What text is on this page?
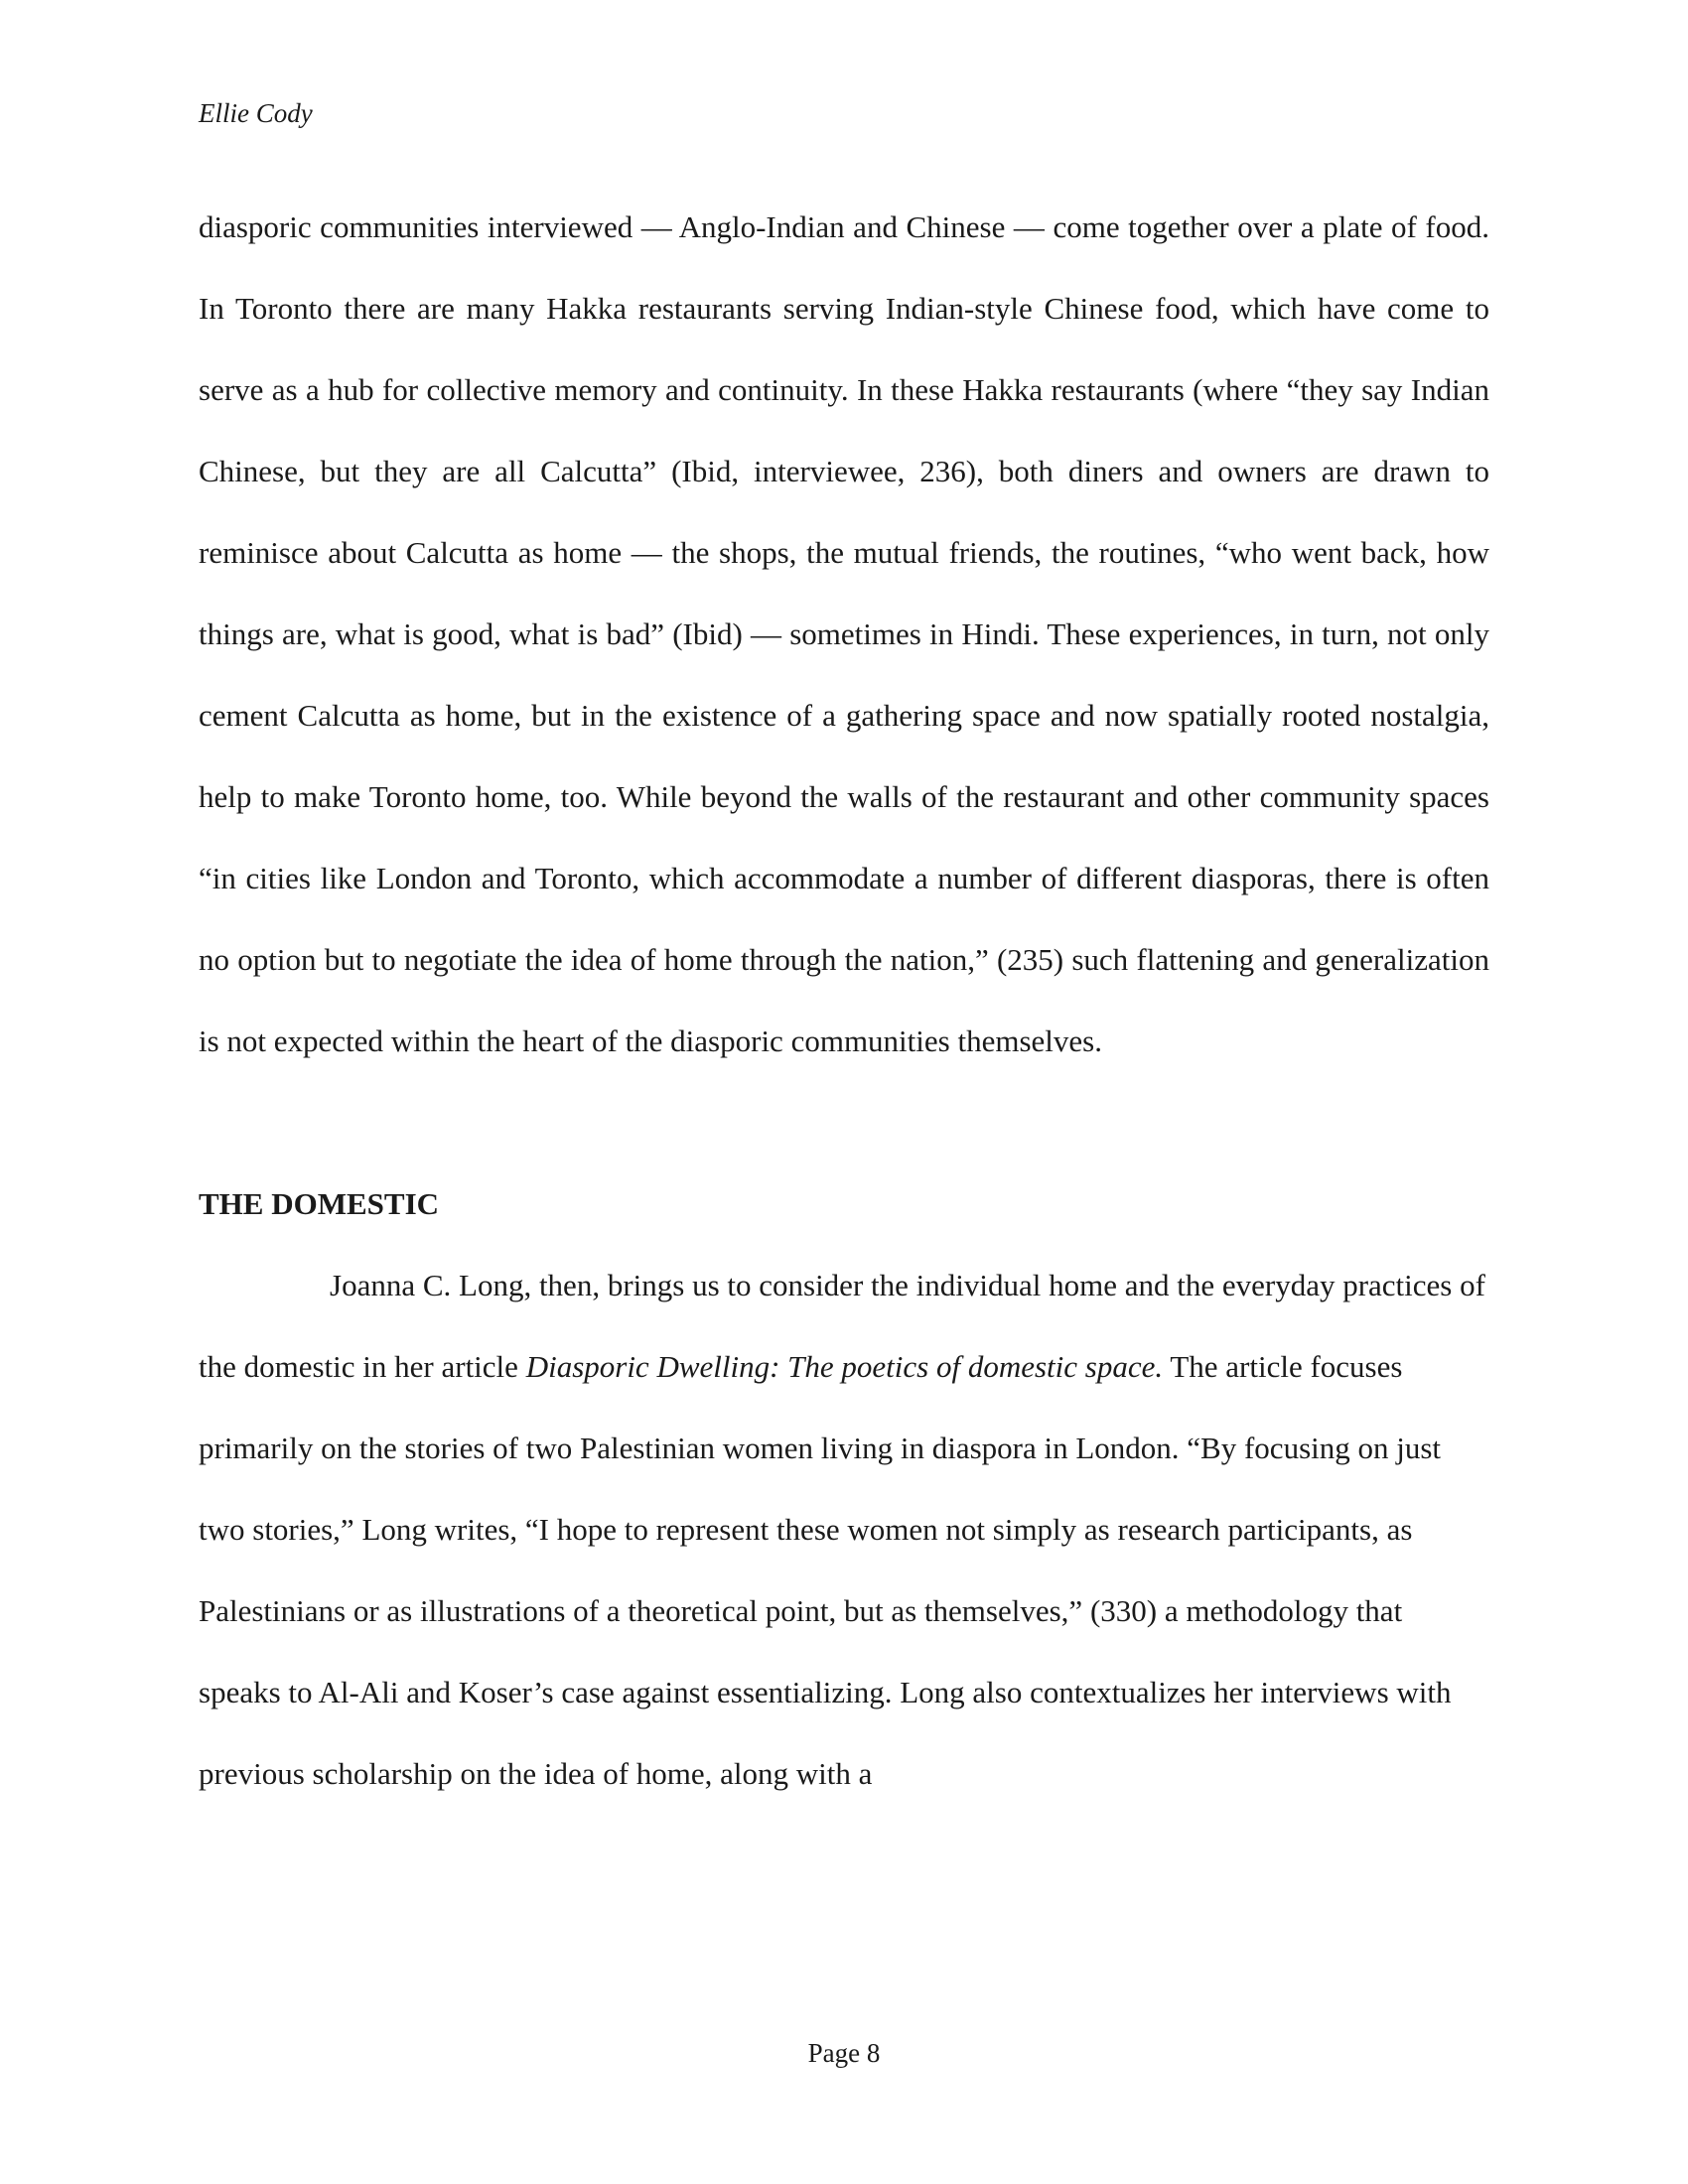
Ellie Cody

diasporic communities interviewed — Anglo-Indian and Chinese — come together over a plate of food. In Toronto there are many Hakka restaurants serving Indian-style Chinese food, which have come to serve as a hub for collective memory and continuity. In these Hakka restaurants (where “they say Indian Chinese, but they are all Calcutta” (Ibid, interviewee, 236), both diners and owners are drawn to reminisce about Calcutta as home — the shops, the mutual friends, the routines, “who went back, how things are, what is good, what is bad” (Ibid) — sometimes in Hindi. These experiences, in turn, not only cement Calcutta as home, but in the existence of a gathering space and now spatially rooted nostalgia, help to make Toronto home, too. While beyond the walls of the restaurant and other community spaces “in cities like London and Toronto, which accommodate a number of different diasporas, there is often no option but to negotiate the idea of home through the nation,” (235) such flattening and generalization is not expected within the heart of the diasporic communities themselves.

THE DOMESTIC

Joanna C. Long, then, brings us to consider the individual home and the everyday practices of the domestic in her article Diasporic Dwelling: The poetics of domestic space. The article focuses primarily on the stories of two Palestinian women living in diaspora in London. “By focusing on just two stories,” Long writes, “I hope to represent these women not simply as research participants, as Palestinians or as illustrations of a theoretical point, but as themselves,” (330) a methodology that speaks to Al-Ali and Koser’s case against essentializing. Long also contextualizes her interviews with previous scholarship on the idea of home, along with a

Page 8
